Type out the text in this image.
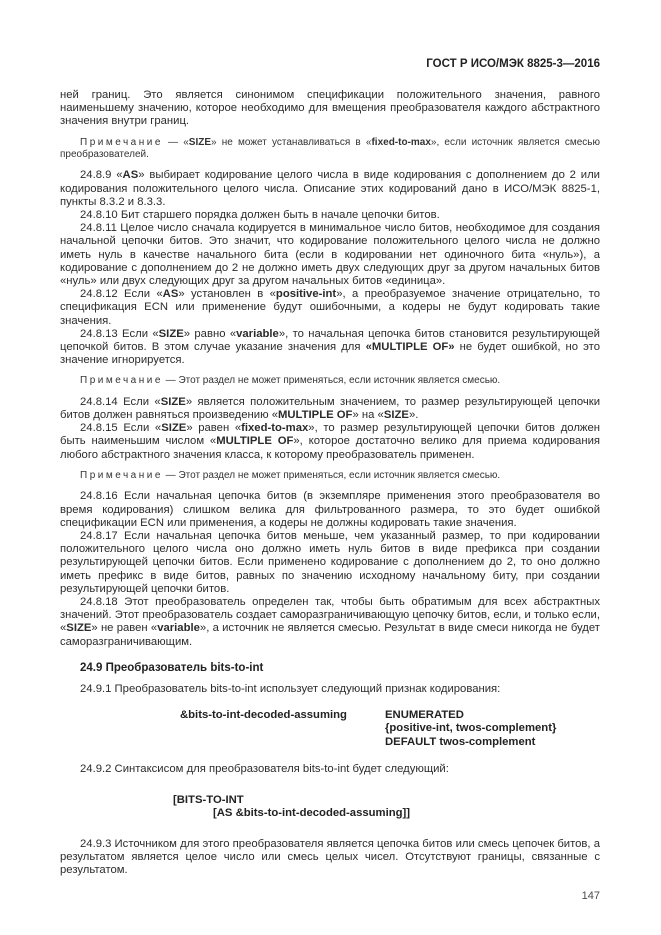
ГОСТ Р ИСО/МЭК 8825-3—2016

ней границ. Это является синонимом спецификации положительного значения, равного наименьшему значению, которое необходимо для вмещения преобразователя каждого абстрактного значения внутри границ.

Примечание — «SIZE» не может устанавливаться в «fixed-to-max», если источник является смесью преобразователей.

24.8.9 «AS» выбирает кодирование целого числа в виде кодирования с дополнением до 2 или кодирования положительного целого числа. Описание этих кодирований дано в ИСО/МЭК 8825-1, пункты 8.3.2 и 8.3.3.

24.8.10 Бит старшего порядка должен быть в начале цепочки битов.

24.8.11 Целое число сначала кодируется в минимальное число битов, необходимое для создания начальной цепочки битов. Это значит, что кодирование положительного целого числа не должно иметь нуль в качестве начального бита (если в кодировании нет одиночного бита «нуль»), а кодирование с дополнением до 2 не должно иметь двух следующих друг за другом начальных битов «нуль» или двух следующих друг за другом начальных битов «единица».

24.8.12 Если «AS» установлен в «positive-int», а преобразуемое значение отрицательно, то спецификация ECN или применение будут ошибочными, а кодеры не будут кодировать такие значения.

24.8.13 Если «SIZE» равно «variable», то начальная цепочка битов становится результирующей цепочкой битов. В этом случае указание значения для «MULTIPLE OF» не будет ошибкой, но это значение игнорируется.

Примечание — Этот раздел не может применяться, если источник является смесью.

24.8.14 Если «SIZE» является положительным значением, то размер результирующей цепочки битов должен равняться произведению «MULTIPLE OF» на «SIZE».

24.8.15 Если «SIZE» равен «fixed-to-max», то размер результирующей цепочки битов должен быть наименьшим числом «MULTIPLE OF», которое достаточно велико для приема кодирования любого абстрактного значения класса, к которому преобразователь применен.

Примечание — Этот раздел не может применяться, если источник является смесью.

24.8.16 Если начальная цепочка битов (в экземпляре применения этого преобразователя во время кодирования) слишком велика для фильтрованного размера, то это будет ошибкой спецификации ECN или применения, а кодеры не должны кодировать такие значения.

24.8.17 Если начальная цепочка битов меньше, чем указанный размер, то при кодировании положительного целого числа оно должно иметь нуль битов в виде префикса при создании результирующей цепочки битов. Если применено кодирование с дополнением до 2, то оно должно иметь префикс в виде битов, равных по значению исходному начальному биту, при создании результирующей цепочки битов.

24.8.18 Этот преобразователь определен так, чтобы быть обратимым для всех абстрактных значений. Этот преобразователь создает саморазграничивающую цепочку битов, если, и только если, «SIZE» не равен «variable», а источник не является смесью. Результат в виде смеси никогда не будет саморазграничивающим.

24.9 Преобразователь bits-to-int

24.9.1 Преобразователь bits-to-int использует следующий признак кодирования:

&bits-to-int-decoded-assuming	ENUMERATED
{positive-int, twos-complement}
DEFAULT twos-complement

24.9.2 Синтаксисом для преобразователя bits-to-int будет следующий:

[BITS-TO-INT
[AS &bits-to-int-decoded-assuming]]

24.9.3 Источником для этого преобразователя является цепочка битов или смесь цепочек битов, а результатом является целое число или смесь целых чисел. Отсутствуют границы, связанные с результатом.

147
